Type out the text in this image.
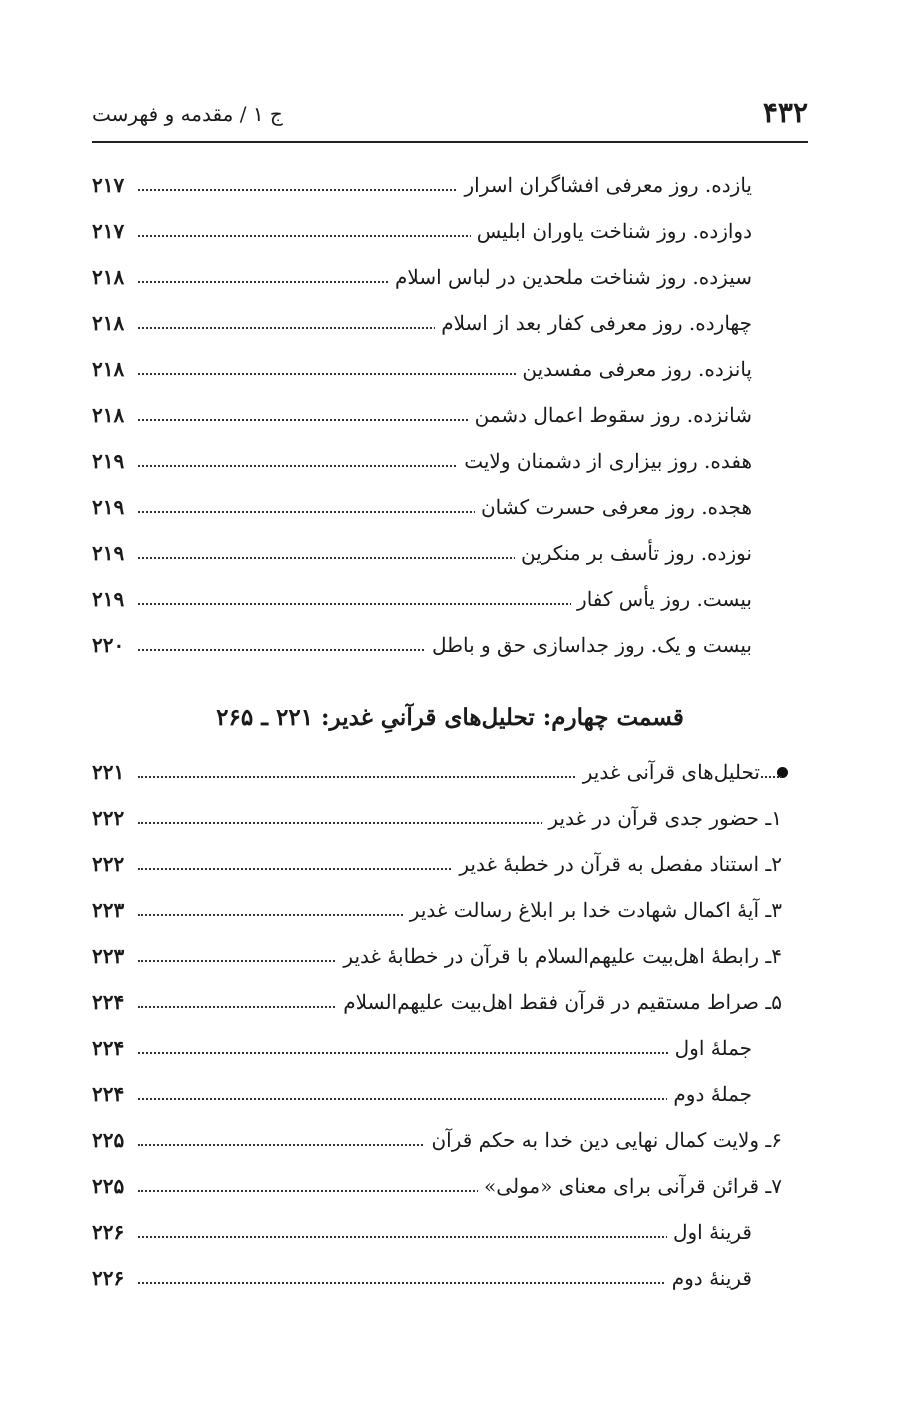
۴۳۲
ج ۱ / مقدمه و فهرست
یازده. روز معرفی افشاگران اسرار
۲۱۷
دوازده. روز شناخت یاوران ابلیس
۲۱۷
سیزده. روز شناخت ملحدین در لباس اسلام
۲۱۸
چهارده. روز معرفی کفار بعد از اسلام
۲۱۸
پانزده. روز معرفی مفسدین
۲۱۸
شانزده. روز سقوط اعمال دشمن
۲۱۸
هفده. روز بیزاری از دشمنان ولایت
۲۱۹
هجده. روز معرفی حسرت کشان
۲۱۹
نوزده. روز تأسف بر منکرین
۲۱۹
بیست. روز یأس کفار
۲۱۹
بیست و یک. روز جداسازی حق و باطل
۲۲۰
قسمت چهارم: تحلیل‌های قرآنیِ غدیر: ۲۲۱ ـ ۲۶۵
تحلیل‌های قرآنی غدیر
۲۲۱
۱ـ حضور جدی قرآن در غدیر
۲۲۲
۲ـ استناد مفصل به قرآن در خطبهٔ غدیر
۲۲۲
۳ـ آیهٔ اکمال شهادت خدا بر ابلاغ رسالت غدیر
۲۲۳
۴ـ رابطهٔ اهل‌بیت علیهم‌السلام با قرآن در خطابهٔ غدیر
۲۲۳
۵ـ صراط مستقیم در قرآن فقط اهل‌بیت علیهم‌السلام
۲۲۴
جملهٔ اول
۲۲۴
جملهٔ دوم
۲۲۴
۶ـ ولایت کمال نهایی دین خدا به حکم قرآن
۲۲۵
۷ـ قرائن قرآنی برای معنای «مولی»
۲۲۵
قرینهٔ اول
۲۲۶
قرینهٔ دوم
۲۲۶
